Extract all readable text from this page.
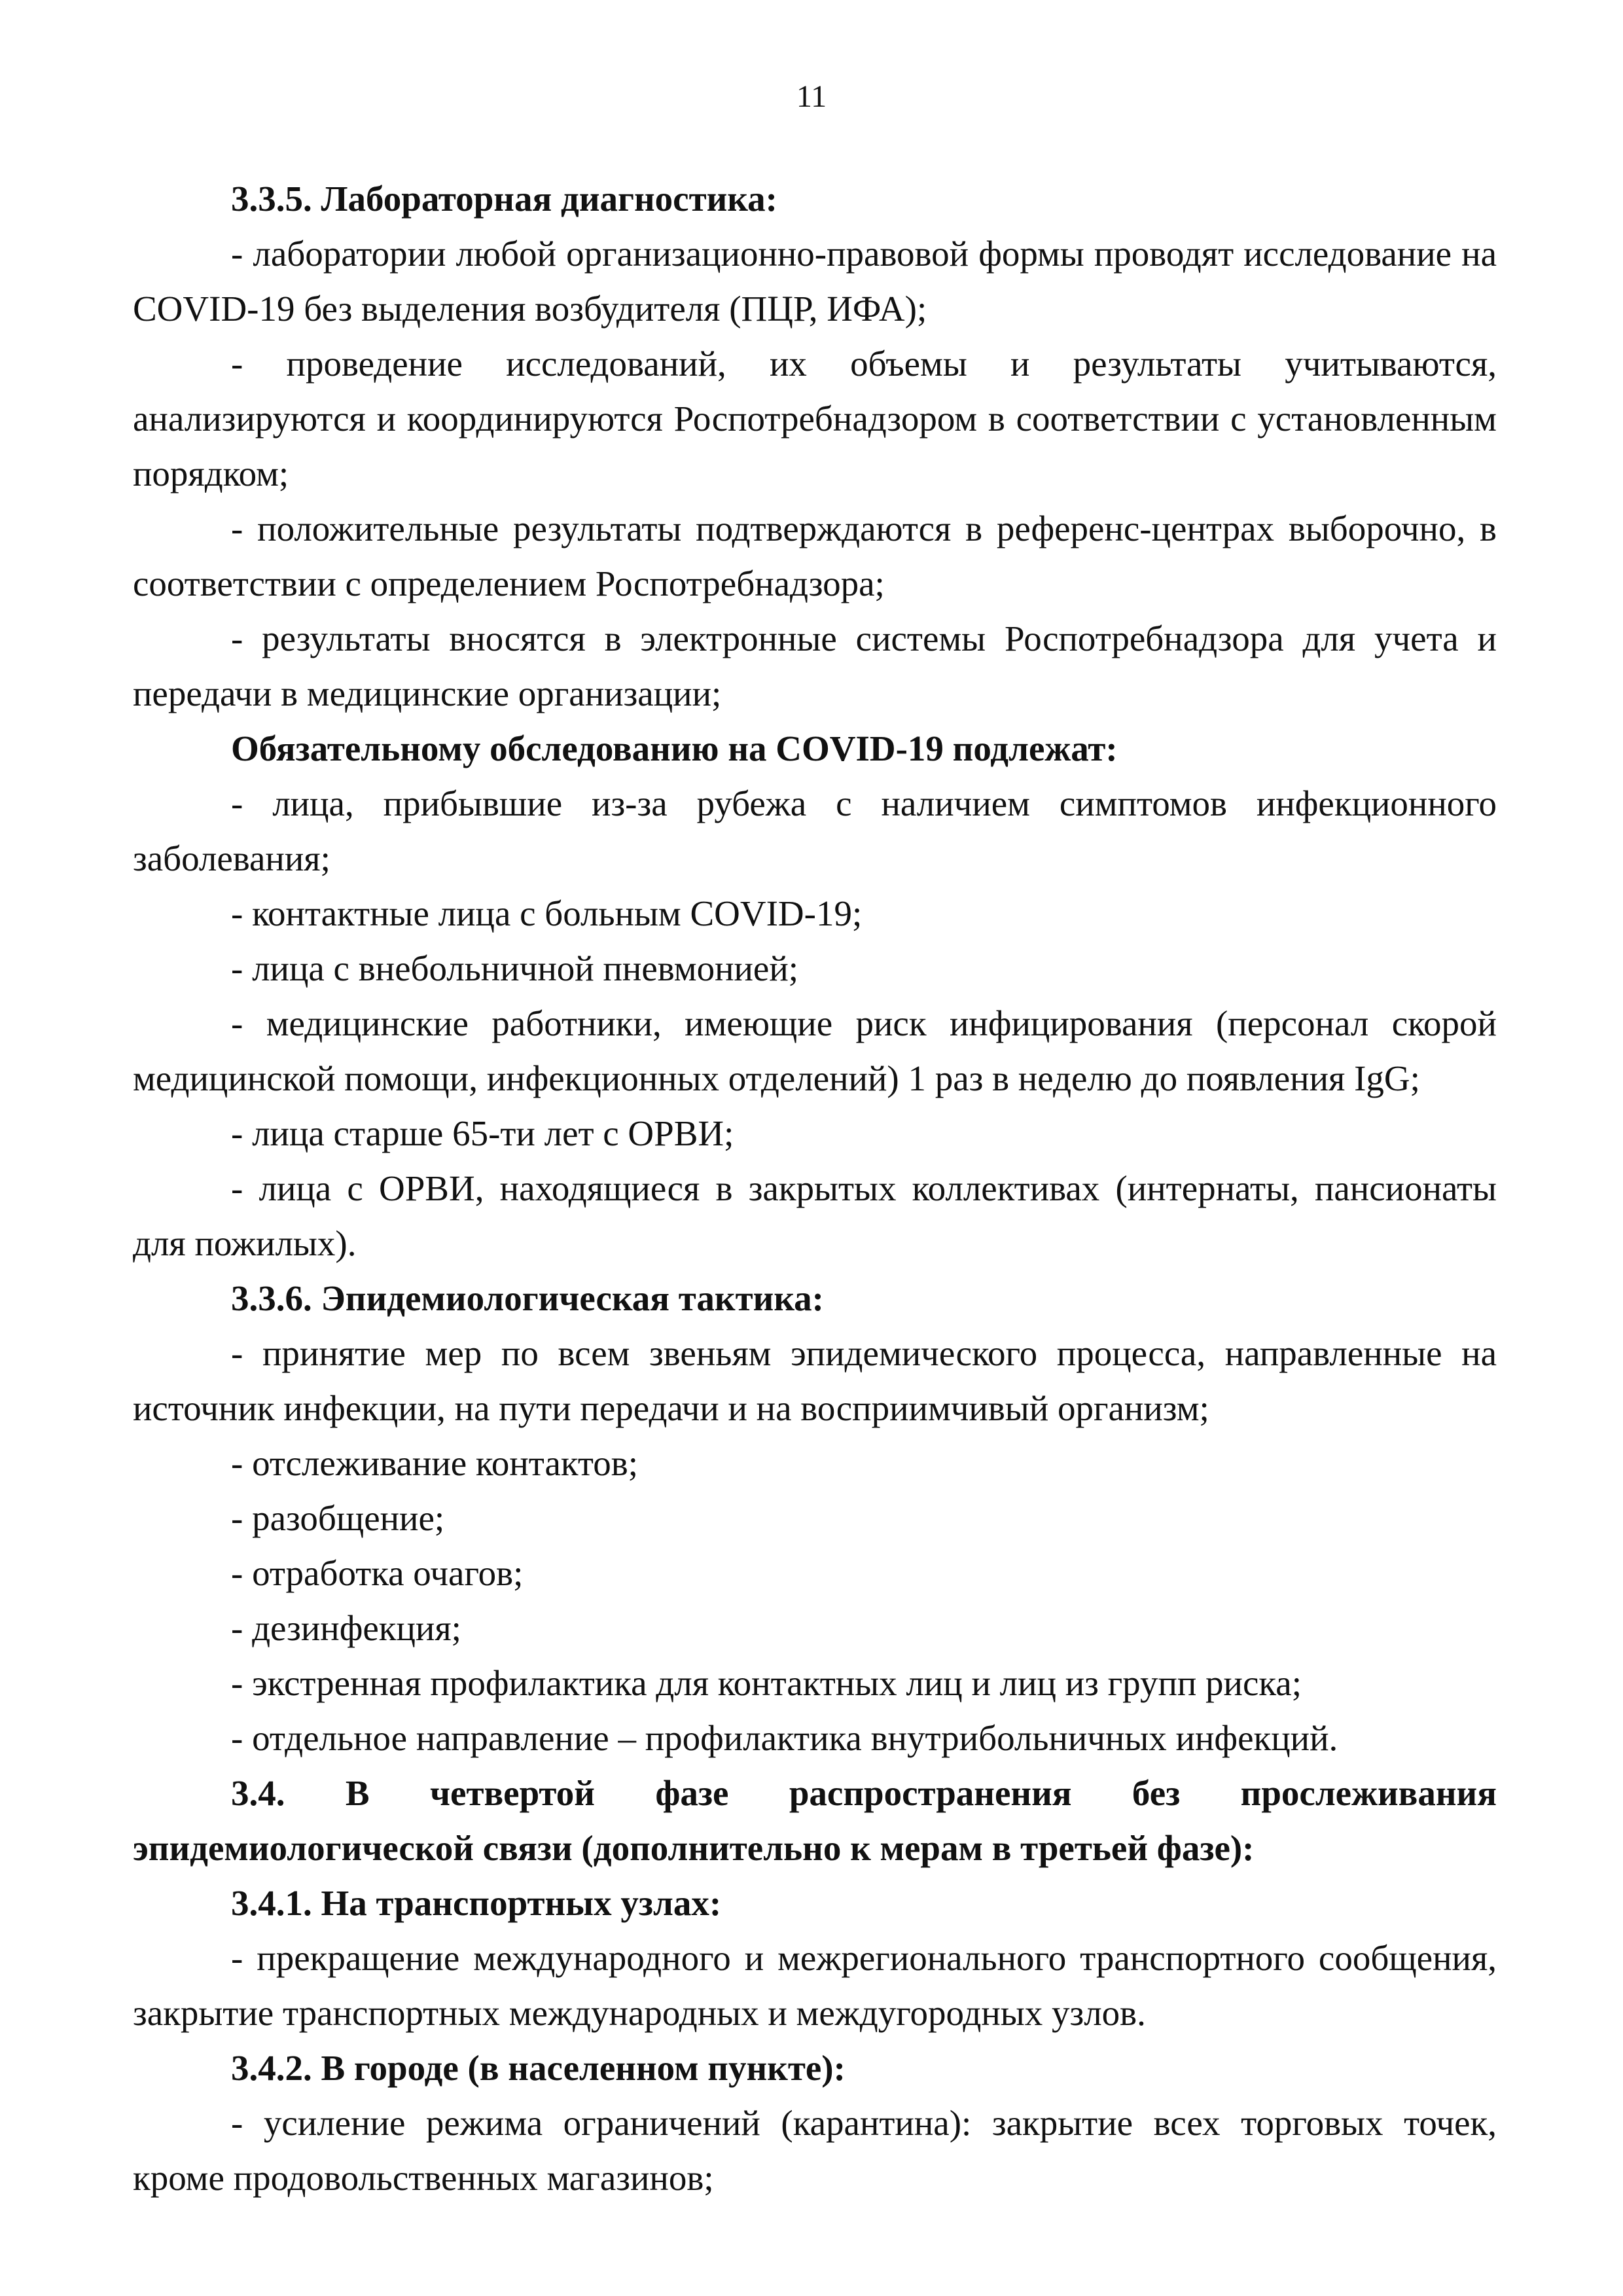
11

3.3.5. Лабораторная диагностика:

- лаборатории любой организационно-правовой формы проводят исследование на COVID-19 без выделения возбудителя (ПЦР, ИФА);

- проведение исследований, их объемы и результаты учитываются, анализируются и координируются Роспотребнадзором в соответствии с установленным порядком;

- положительные результаты подтверждаются в референс-центрах выборочно, в соответствии с определением Роспотребнадзора;

- результаты вносятся в электронные системы Роспотребнадзора для учета и передачи в медицинские организации;

Обязательному обследованию на COVID-19 подлежат:

- лица, прибывшие из-за рубежа с наличием симптомов инфекционного заболевания;

- контактные лица с больным COVID-19;

- лица с внебольничной пневмонией;

- медицинские работники, имеющие риск инфицирования (персонал скорой медицинской помощи, инфекционных отделений) 1 раз в неделю до появления IgG;

- лица старше 65-ти лет с ОРВИ;

- лица с ОРВИ, находящиеся в закрытых коллективах (интернаты, пансионаты для пожилых).

3.3.6. Эпидемиологическая тактика:

- принятие мер по всем звеньям эпидемического процесса, направленные на источник инфекции, на пути передачи и на восприимчивый организм;

- отслеживание контактов;

- разобщение;

- отработка очагов;

- дезинфекция;

- экстренная профилактика для контактных лиц и лиц из групп риска;

- отдельное направление – профилактика внутрибольничных инфекций.

3.4. В четвертой фазе распространения без прослеживания эпидемиологической связи (дополнительно к мерам в третьей фазе):

3.4.1. На транспортных узлах:

- прекращение международного и межрегионального транспортного сообщения, закрытие транспортных международных и междугородных узлов.

3.4.2. В городе (в населенном пункте):

- усиление режима ограничений (карантина): закрытие всех торговых точек, кроме продовольственных магазинов;
